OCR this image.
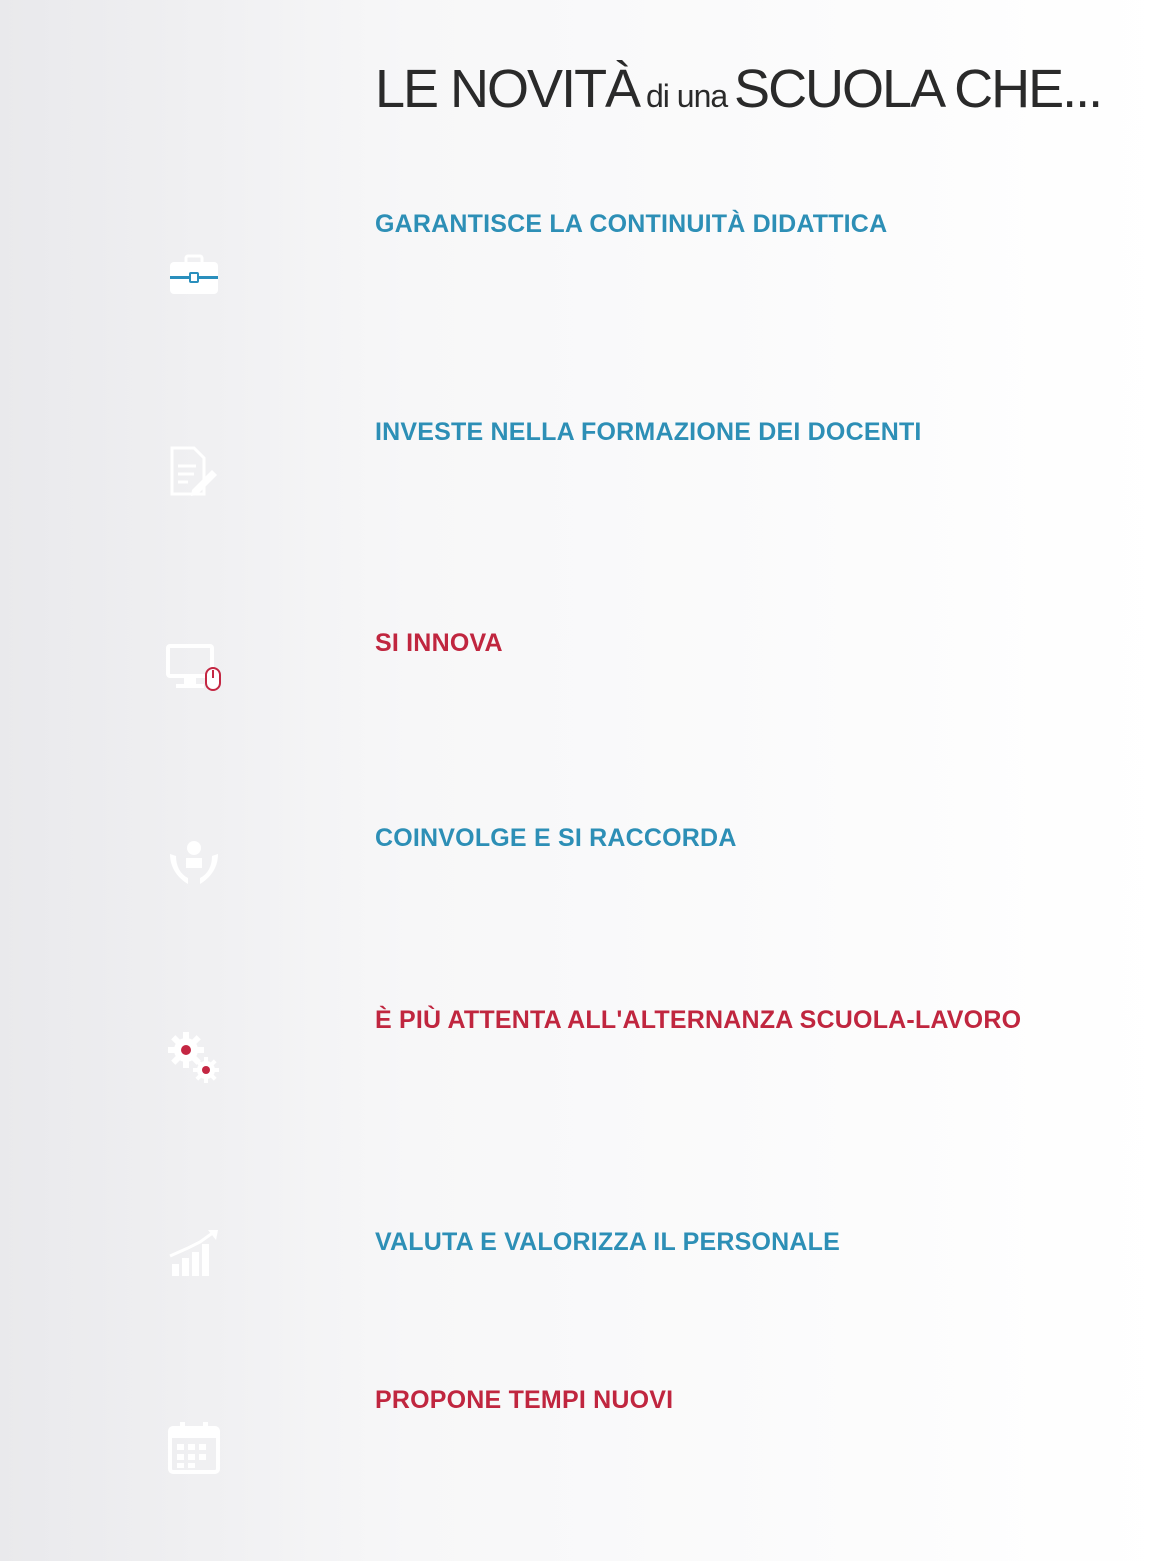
LE NOVITÀ di una SCUOLA CHE...
GARANTISCE LA CONTINUITÀ DIDATTICA
INVESTE NELLA FORMAZIONE DEI DOCENTI
SI INNOVA
COINVOLGE E SI RACCORDA
È PIÙ ATTENTA ALL'ALTERNANZA SCUOLA-LAVORO
VALUTA E VALORIZZA IL PERSONALE
PROPONE TEMPI NUOVI
